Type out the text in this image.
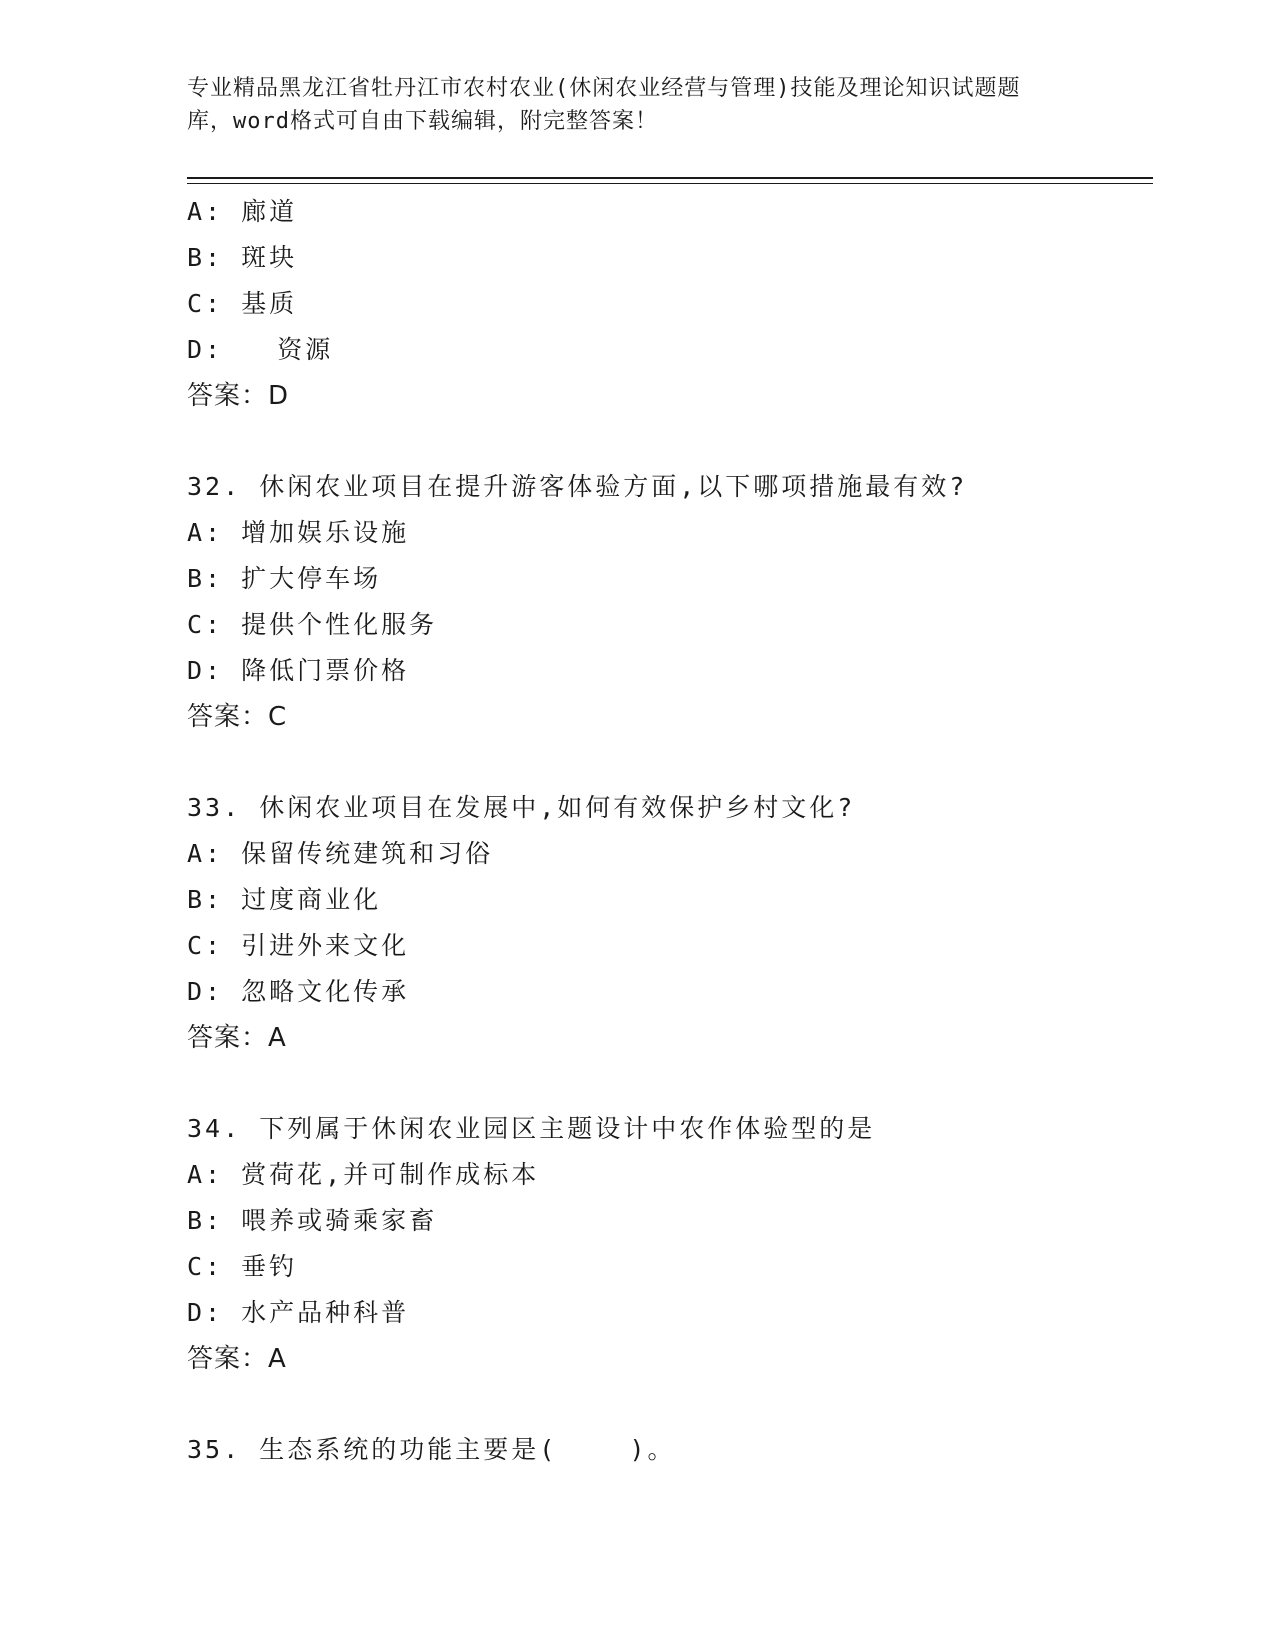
专业精品黑龙江省牡丹江市农村农业(休闲农业经营与管理)技能及理论知识试题题
库，word格式可自由下载编辑，附完整答案！
A: 廊道
B: 斑块
C: 基质
D:   资源
答案：D
32. 休闲农业项目在提升游客体验方面,以下哪项措施最有效?
A: 增加娱乐设施
B: 扩大停车场
C: 提供个性化服务
D: 降低门票价格
答案：C
33. 休闲农业项目在发展中,如何有效保护乡村文化?
A: 保留传统建筑和习俗
B: 过度商业化
C: 引进外来文化
D: 忽略文化传承
答案：A
34. 下列属于休闲农业园区主题设计中农作体验型的是
A: 赏荷花,并可制作成标本
B: 喂养或骑乘家畜
C: 垂钓
D: 水产品种科普
答案：A
35. 生态系统的功能主要是(    )。
